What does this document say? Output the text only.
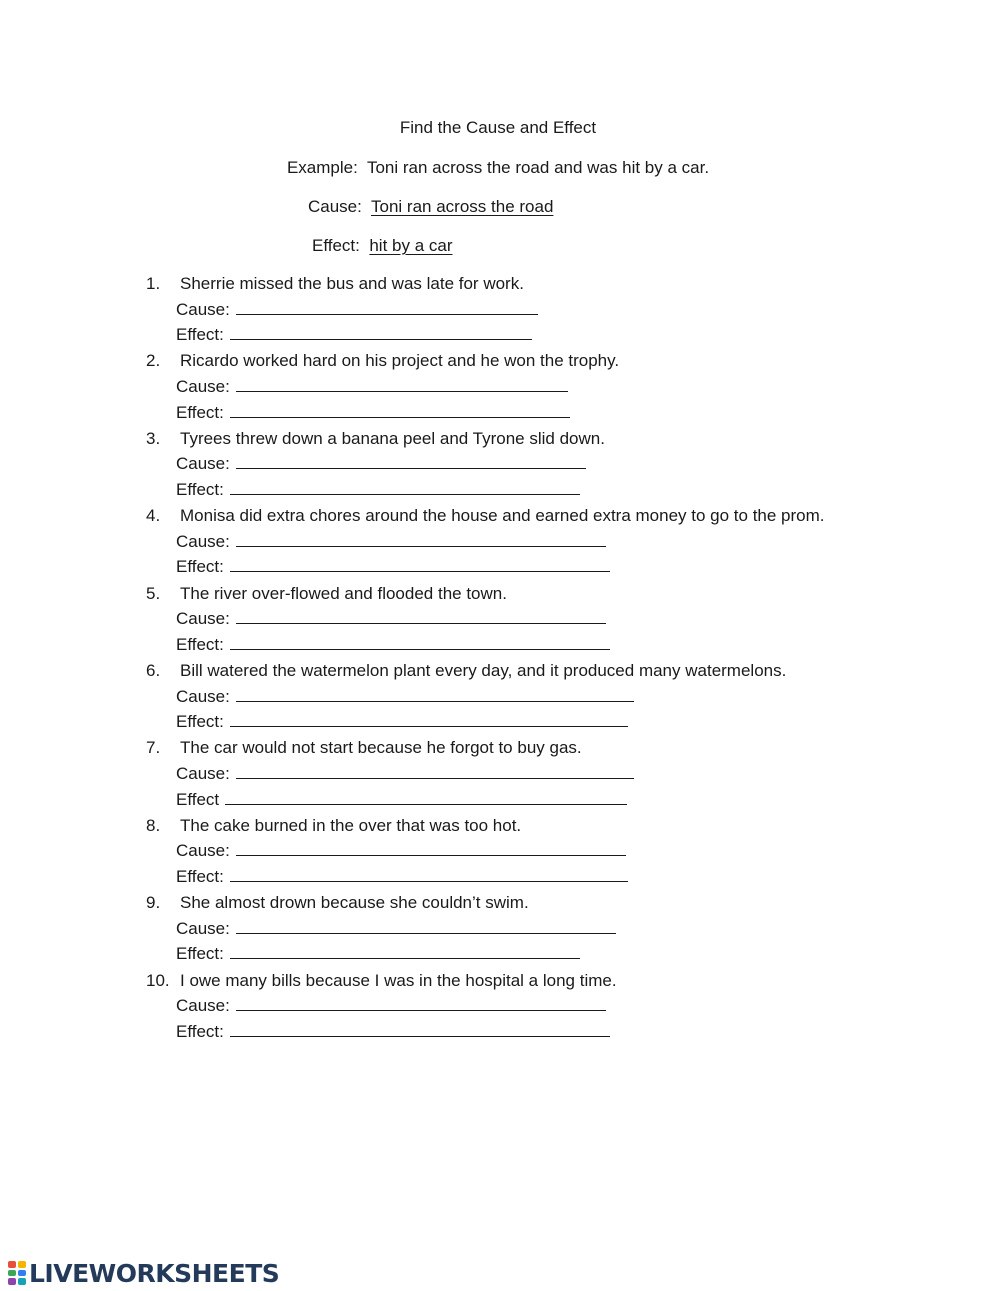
Find the Cause and Effect
Example: Toni ran across the road and was hit by a car.
Cause: Toni ran across the road
Effect: hit by a car
1.	Sherrie missed the bus and was late for work.
Cause:
Effect:
2.	Ricardo worked hard on his project and he won the trophy.
Cause:
Effect:
3.	Tyrees threw down a banana peel and Tyrone slid down.
Cause:
Effect:
4.	Monisa did extra chores around the house and earned extra money to go to the prom.
Cause:
Effect:
5.	The river over-flowed and flooded the town.
Cause:
Effect:
6.	Bill watered the watermelon plant every day, and it produced many watermelons.
Cause:
Effect:
7.	The car would not start because he forgot to buy gas.
Cause:
Effect
8.	The cake burned in the over that was too hot.
Cause:
Effect:
9.	She almost drown because she couldn’t swim.
Cause:
Effect:
10. I owe many bills because I was in the hospital a long time.
Cause:
Effect:
LIVEWORKSHEETS
